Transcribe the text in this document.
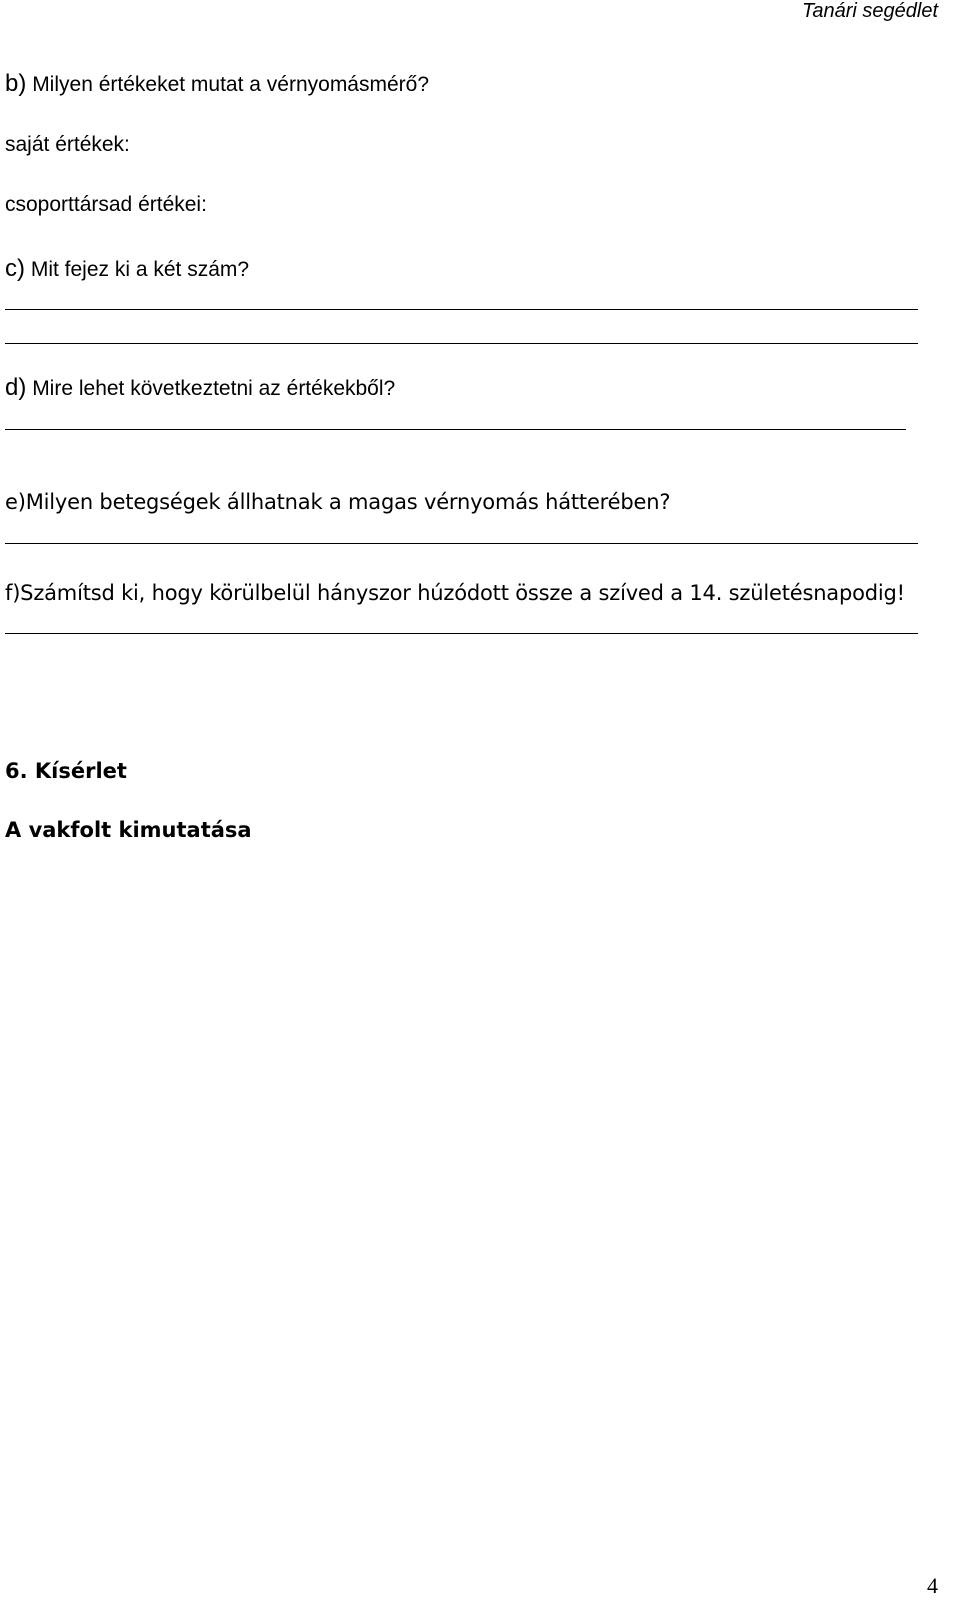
Tanári segédlet
b) Milyen értékeket mutat a vérnyomásmérő?
saját értékek:
csoporttársad értékei:
c) Mit fejez ki a két szám?
d) Mire lehet következtetni az értékekből?
e)Milyen betegségek állhatnak a magas vérnyomás hátterében?
f)Számítsd ki, hogy körülbelül hányszor húzódott össze a szíved a 14. születésnapodig!
6. Kísérlet
A vakfolt kimutatása
4
